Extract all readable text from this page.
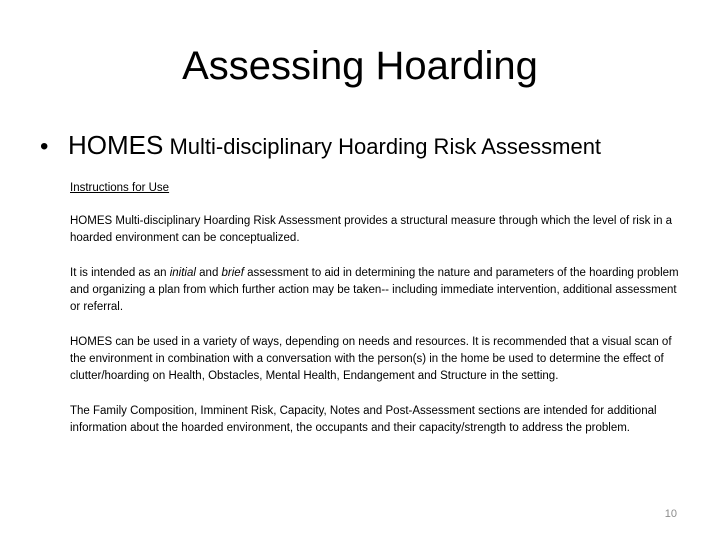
Assessing Hoarding
• HOMES Multi-disciplinary Hoarding Risk Assessment

Instructions for Use

HOMES Multi-disciplinary Hoarding Risk Assessment provides a structural measure through which the level of risk in a hoarded environment can be conceptualized.

It is intended as an initial and brief assessment to aid in determining the nature and parameters of the hoarding problem and organizing a plan from which further action may be taken-- including immediate intervention, additional assessment or referral.

HOMES can be used in a variety of ways, depending on needs and resources. It is recommended that a visual scan of the environment in combination with a conversation with the person(s) in the home be used to determine the effect of clutter/hoarding on Health, Obstacles, Mental Health, Endangement and Structure in the setting.

The Family Composition, Imminent Risk, Capacity, Notes and Post-Assessment sections are intended for additional information about the hoarded environment, the occupants and their capacity/strength to address the problem.

10
